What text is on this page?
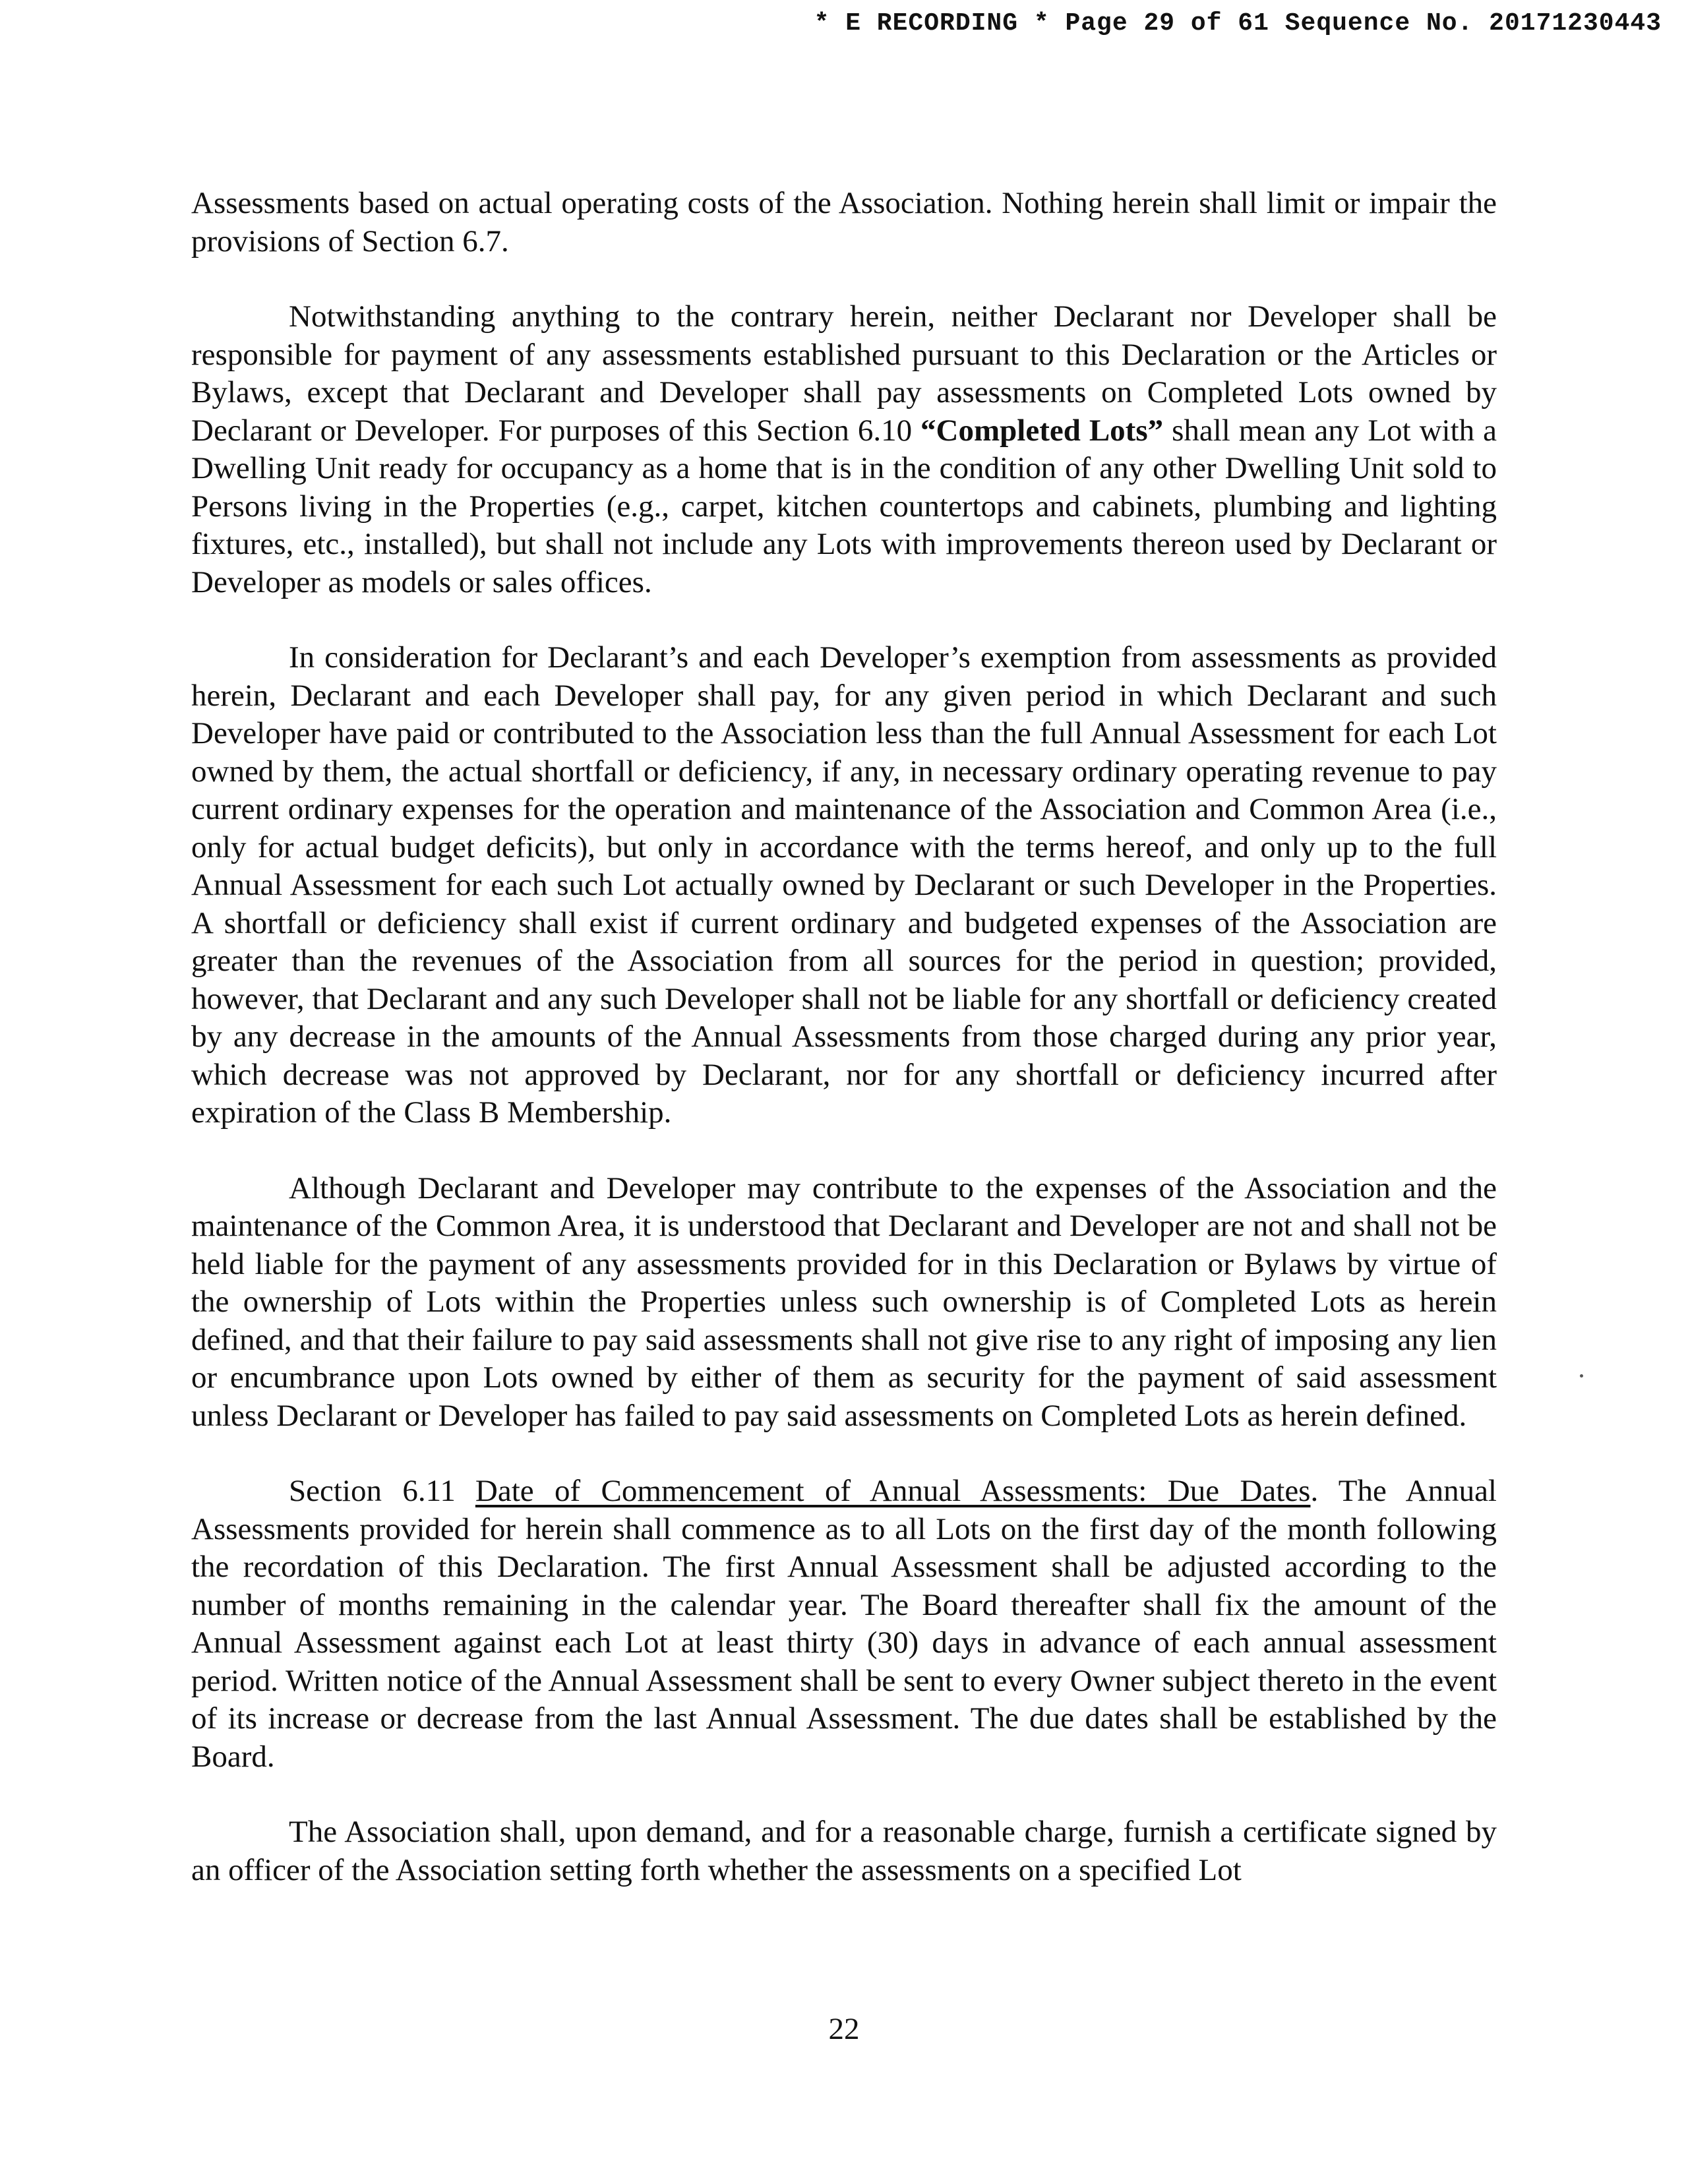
* E RECORDING * Page 29 of 61 Sequence No. 20171230443

Assessments based on actual operating costs of the Association. Nothing herein shall limit or impair the provisions of Section 6.7.

Notwithstanding anything to the contrary herein, neither Declarant nor Developer shall be responsible for payment of any assessments established pursuant to this Declaration or the Articles or Bylaws, except that Declarant and Developer shall pay assessments on Completed Lots owned by Declarant or Developer. For purposes of this Section 6.10 “Completed Lots” shall mean any Lot with a Dwelling Unit ready for occupancy as a home that is in the condition of any other Dwelling Unit sold to Persons living in the Properties (e.g., carpet, kitchen countertops and cabinets, plumbing and lighting fixtures, etc., installed), but shall not include any Lots with improvements thereon used by Declarant or Developer as models or sales offices.

In consideration for Declarant’s and each Developer’s exemption from assessments as provided herein, Declarant and each Developer shall pay, for any given period in which Declarant and such Developer have paid or contributed to the Association less than the full Annual Assessment for each Lot owned by them, the actual shortfall or deficiency, if any, in necessary ordinary operating revenue to pay current ordinary expenses for the operation and maintenance of the Association and Common Area (i.e., only for actual budget deficits), but only in accordance with the terms hereof, and only up to the full Annual Assessment for each such Lot actually owned by Declarant or such Developer in the Properties. A shortfall or deficiency shall exist if current ordinary and budgeted expenses of the Association are greater than the revenues of the Association from all sources for the period in question; provided, however, that Declarant and any such Developer shall not be liable for any shortfall or deficiency created by any decrease in the amounts of the Annual Assessments from those charged during any prior year, which decrease was not approved by Declarant, nor for any shortfall or deficiency incurred after expiration of the Class B Membership.

Although Declarant and Developer may contribute to the expenses of the Association and the maintenance of the Common Area, it is understood that Declarant and Developer are not and shall not be held liable for the payment of any assessments provided for in this Declaration or Bylaws by virtue of the ownership of Lots within the Properties unless such ownership is of Completed Lots as herein defined, and that their failure to pay said assessments shall not give rise to any right of imposing any lien or encumbrance upon Lots owned by either of them as security for the payment of said assessment unless Declarant or Developer has failed to pay said assessments on Completed Lots as herein defined.

Section 6.11 Date of Commencement of Annual Assessments: Due Dates. The Annual Assessments provided for herein shall commence as to all Lots on the first day of the month following the recordation of this Declaration. The first Annual Assessment shall be adjusted according to the number of months remaining in the calendar year. The Board thereafter shall fix the amount of the Annual Assessment against each Lot at least thirty (30) days in advance of each annual assessment period. Written notice of the Annual Assessment shall be sent to every Owner subject thereto in the event of its increase or decrease from the last Annual Assessment. The due dates shall be established by the Board.

The Association shall, upon demand, and for a reasonable charge, furnish a certificate signed by an officer of the Association setting forth whether the assessments on a specified Lot

22
